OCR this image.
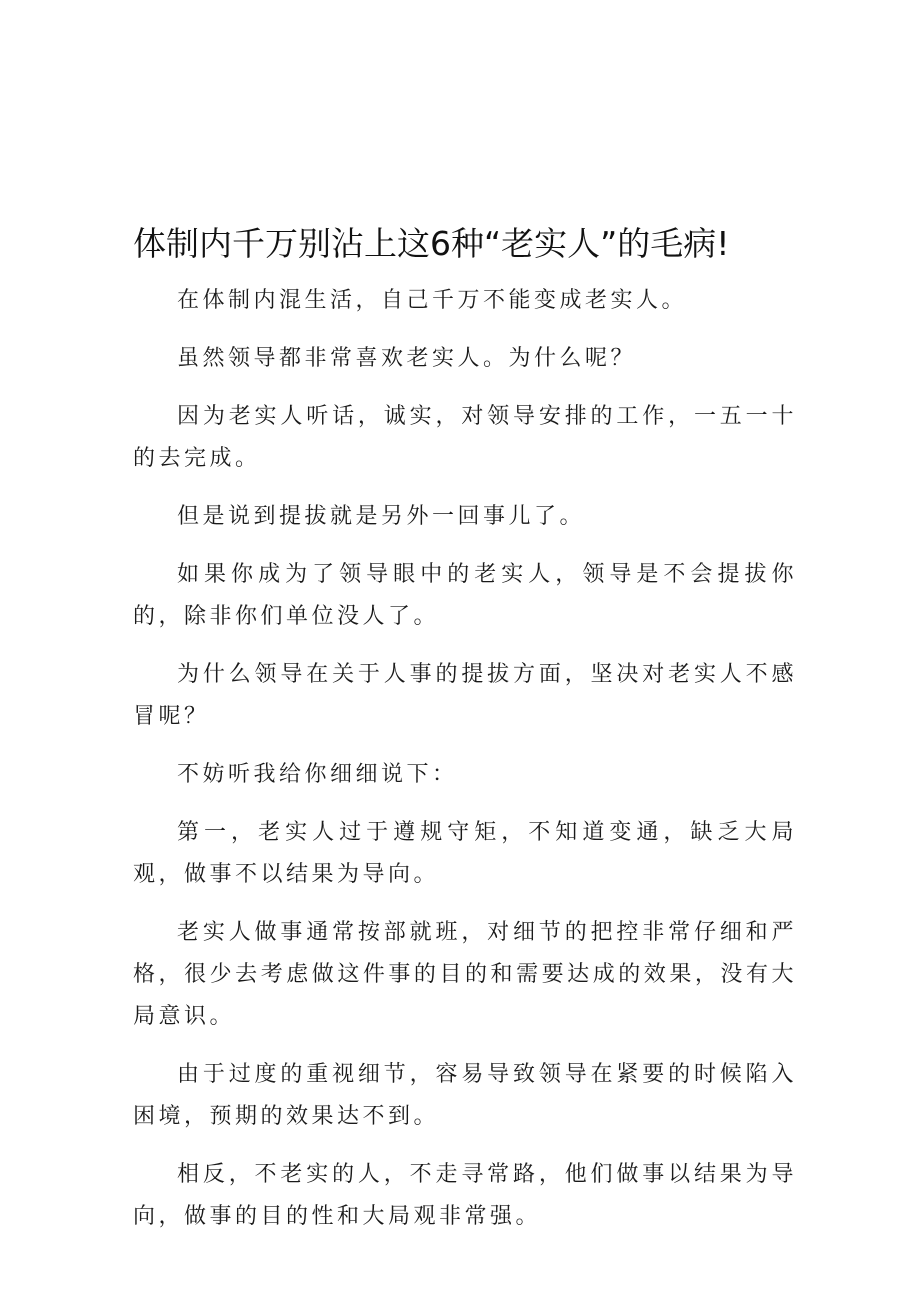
体制内千万别沾上这6种“老实人”的毛病!

在体制内混生活，自己千万不能变成老实人。

虽然领导都非常喜欢老实人。为什么呢？

因为老实人听话，诚实，对领导安排的工作，一五一十的去完成。

但是说到提拔就是另外一回事儿了。

如果你成为了领导眼中的老实人，领导是不会提拔你的，除非你们单位没人了。

为什么领导在关于人事的提拔方面，坚决对老实人不感冒呢？

不妨听我给你细细说下：

第一，老实人过于遵规守矩，不知道变通，缺乏大局观，做事不以结果为导向。

老实人做事通常按部就班，对细节的把控非常仔细和严格，很少去考虑做这件事的目的和需要达成的效果，没有大局意识。

由于过度的重视细节，容易导致领导在紧要的时候陷入困境，预期的效果达不到。

相反，不老实的人，不走寻常路，他们做事以结果为导向，做事的目的性和大局观非常强。
